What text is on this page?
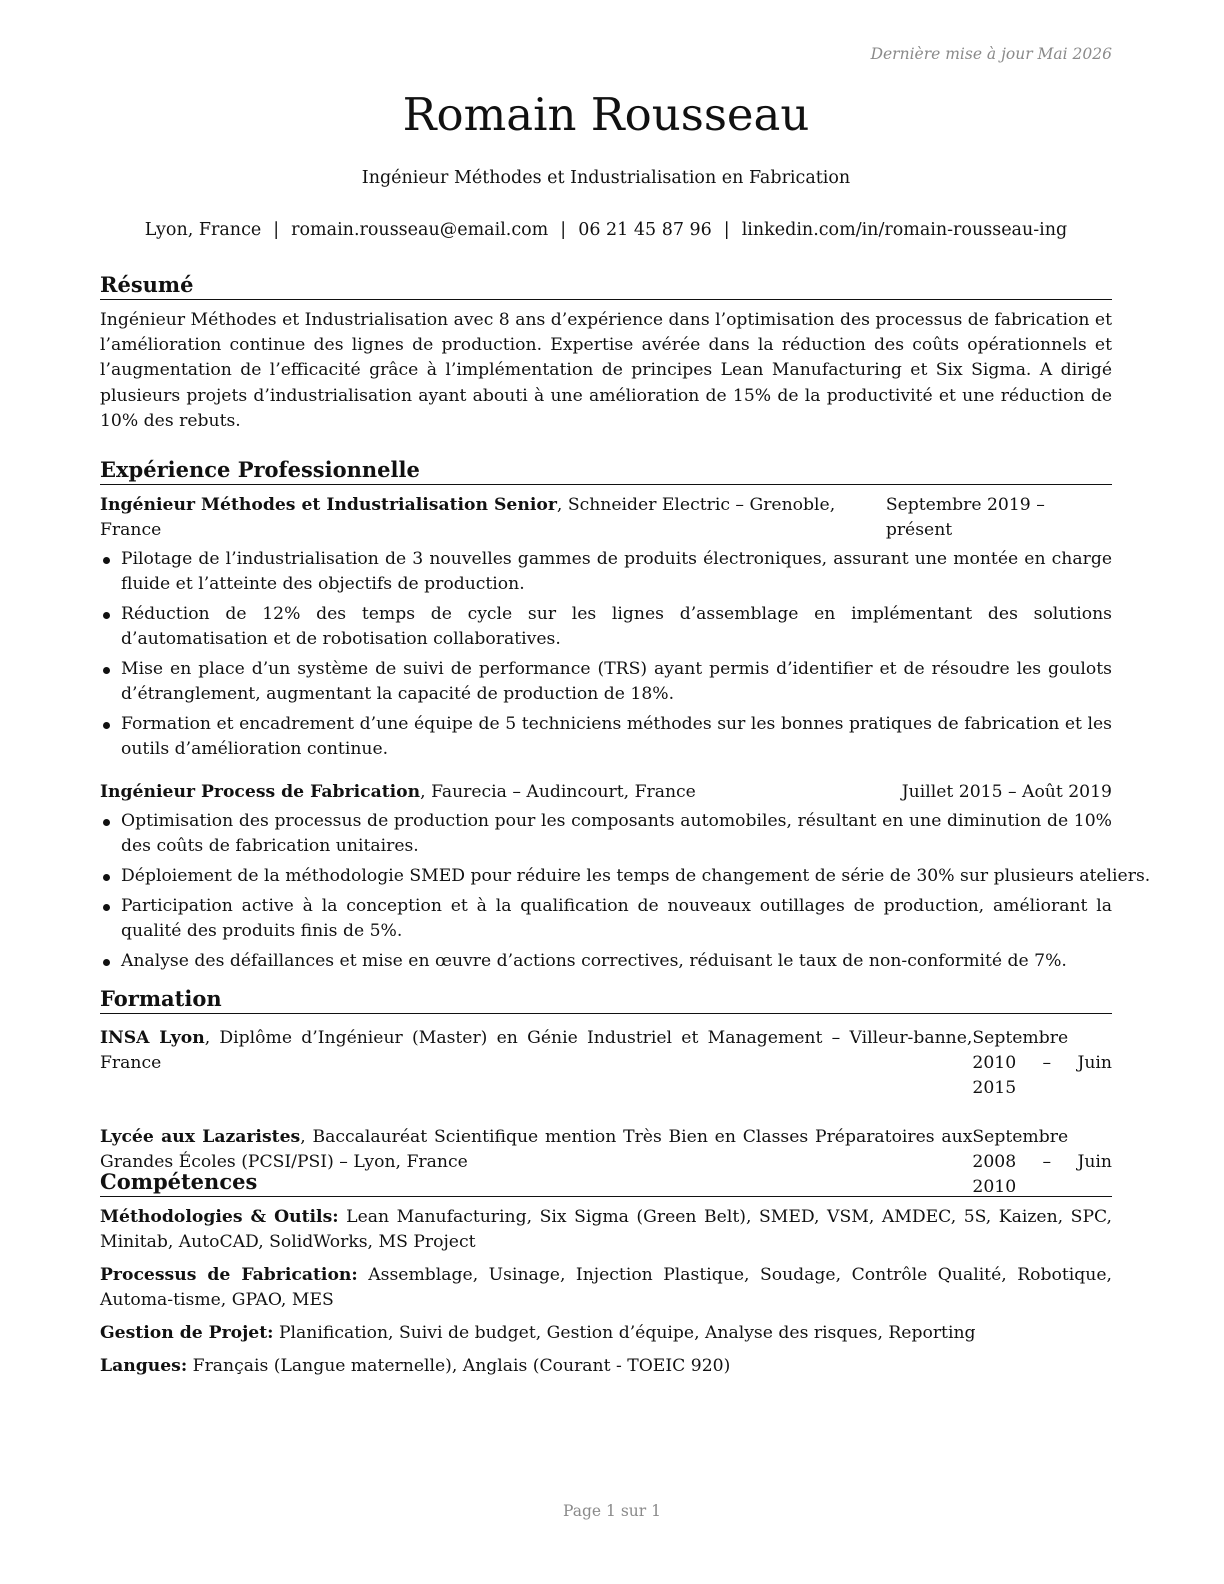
Dernière mise à jour Mai 2026
Romain Rousseau
Ingénieur Méthodes et Industrialisation en Fabrication
Lyon, France | romain.rousseau@email.com | 06 21 45 87 96 | linkedin.com/in/romain-rousseau-ing
Résumé

Ingénieur Méthodes et Industrialisation avec 8 ans d’expérience dans l’optimisation des processus de fabrication et l’amélioration continue des lignes de production. Expertise avérée dans la réduction des coûts opérationnels et l’augmentation de l’efficacité grâce à l’implémentation de principes Lean Manufacturing et Six Sigma. A dirigé plusieurs projets d’industrialisation ayant abouti à une amélioration de 15% de la productivité et une réduction de 10% des rebuts.

Expérience Professionnelle
Ingénieur Méthodes et Industrialisation Senior, Schneider Electric – Grenoble, France
Septembre 2019 – présent
Pilotage de l’industrialisation de 3 nouvelles gammes de produits électroniques, assurant une montée en charge fluide et l’atteinte des objectifs de production.
Réduction de 12% des temps de cycle sur les lignes d’assemblage en implémentant des solutions d’automatisation et de robotisation collaboratives.
Mise en place d’un système de suivi de performance (TRS) ayant permis d’identifier et de résoudre les goulots d’étranglement, augmentant la capacité de production de 18%.
Formation et encadrement d’une équipe de 5 techniciens méthodes sur les bonnes pratiques de fabrication et les outils d’amélioration continue.
Ingénieur Process de Fabrication, Faurecia – Audincourt, France	Juillet 2015 – Août 2019
Optimisation des processus de production pour les composants automobiles, résultant en une diminution de 10% des coûts de fabrication unitaires.
Déploiement de la méthodologie SMED pour réduire les temps de changement de série de 30% sur plusieurs ateliers.
Participation active à la conception et à la qualification de nouveaux outillages de production, améliorant la qualité des produits finis de 5%.
Analyse des défaillances et mise en œuvre d’actions correctives, réduisant le taux de non-conformité de 7%.
Formation
INSA Lyon, Diplôme d’Ingénieur (Master) en Génie Industriel et Management – Villeur-banne, France
Septembre 2010 – Juin 2015
Lycée aux Lazaristes, Baccalauréat Scientifique mention Très Bien en Classes Préparatoires aux Grandes Écoles (PCSI/PSI) – Lyon, France
Septembre 2008 – Juin 2010
Compétences

Méthodologies & Outils: Lean Manufacturing, Six Sigma (Green Belt), SMED, VSM, AMDEC, 5S, Kaizen, SPC, Minitab, AutoCAD, SolidWorks, MS Project

Processus de Fabrication: Assemblage, Usinage, Injection Plastique, Soudage, Contrôle Qualité, Robotique, Automa-tisme, GPAO, MES

Gestion de Projet: Planification, Suivi de budget, Gestion d’équipe, Analyse des risques, Reporting

Langues: Français (Langue maternelle), Anglais (Courant - TOEIC 920)

Page 1 sur 1
